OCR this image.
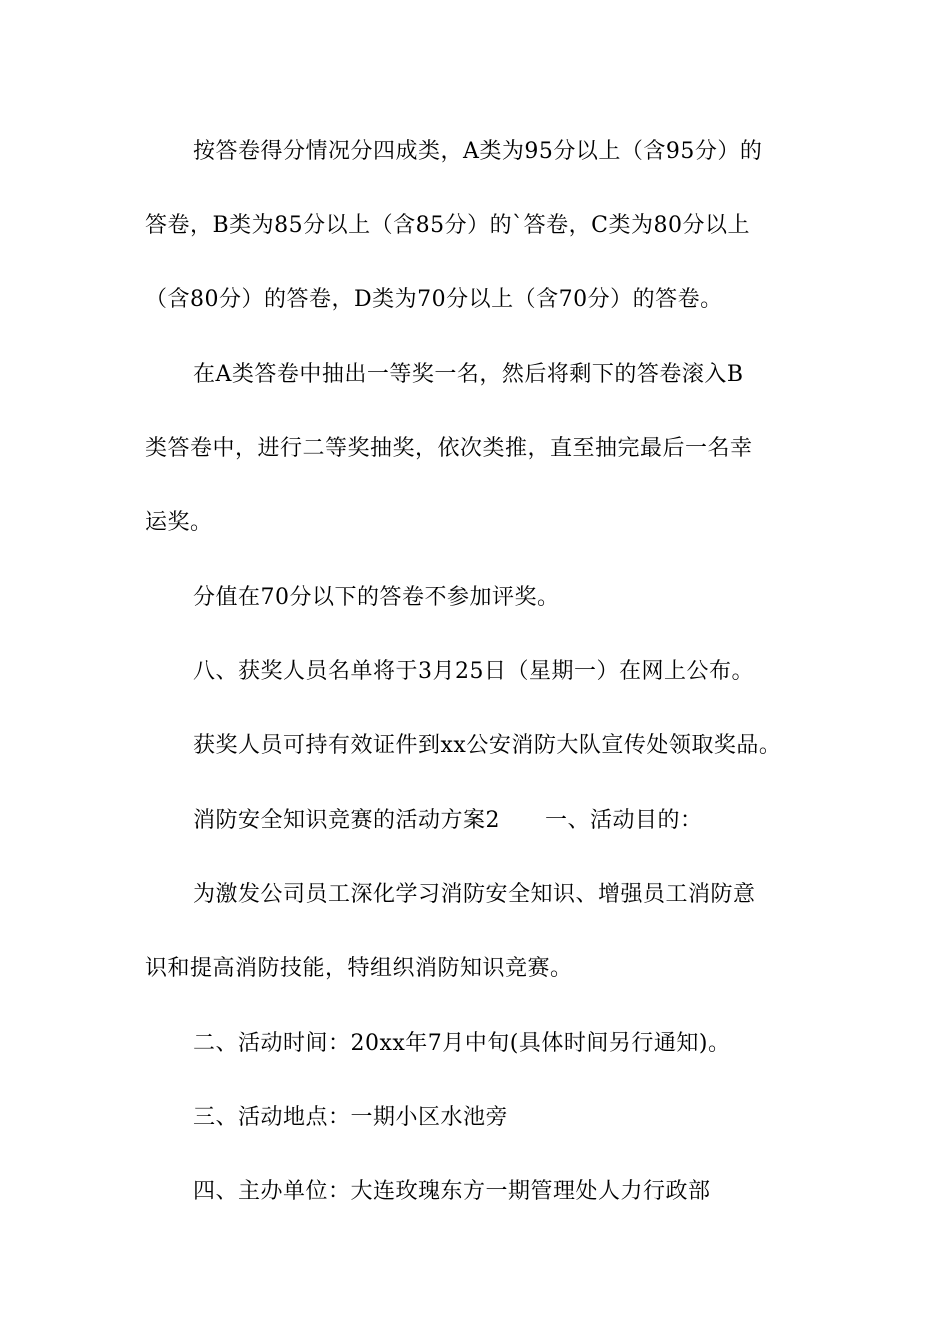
按答卷得分情况分四成类，A类为95分以上（含95分）的
答卷，B类为85分以上（含85分）的`答卷，C类为80分以上
（含80分）的答卷，D类为70分以上（含70分）的答卷。
在A类答卷中抽出一等奖一名，然后将剩下的答卷滚入B
类答卷中，进行二等奖抽奖，依次类推，直至抽完最后一名幸
运奖。
分值在70分以下的答卷不参加评奖。
八、获奖人员名单将于3月25日（星期一）在网上公布。
获奖人员可持有效证件到xx公安消防大队宣传处领取奖品。
消防安全知识竞赛的活动方案2　　一、活动目的：
为激发公司员工深化学习消防安全知识、增强员工消防意
识和提高消防技能，特组织消防知识竞赛。
二、活动时间：20xx年7月中旬(具体时间另行通知)。
三、活动地点：一期小区水池旁
四、主办单位：大连玫瑰东方一期管理处人力行政部
